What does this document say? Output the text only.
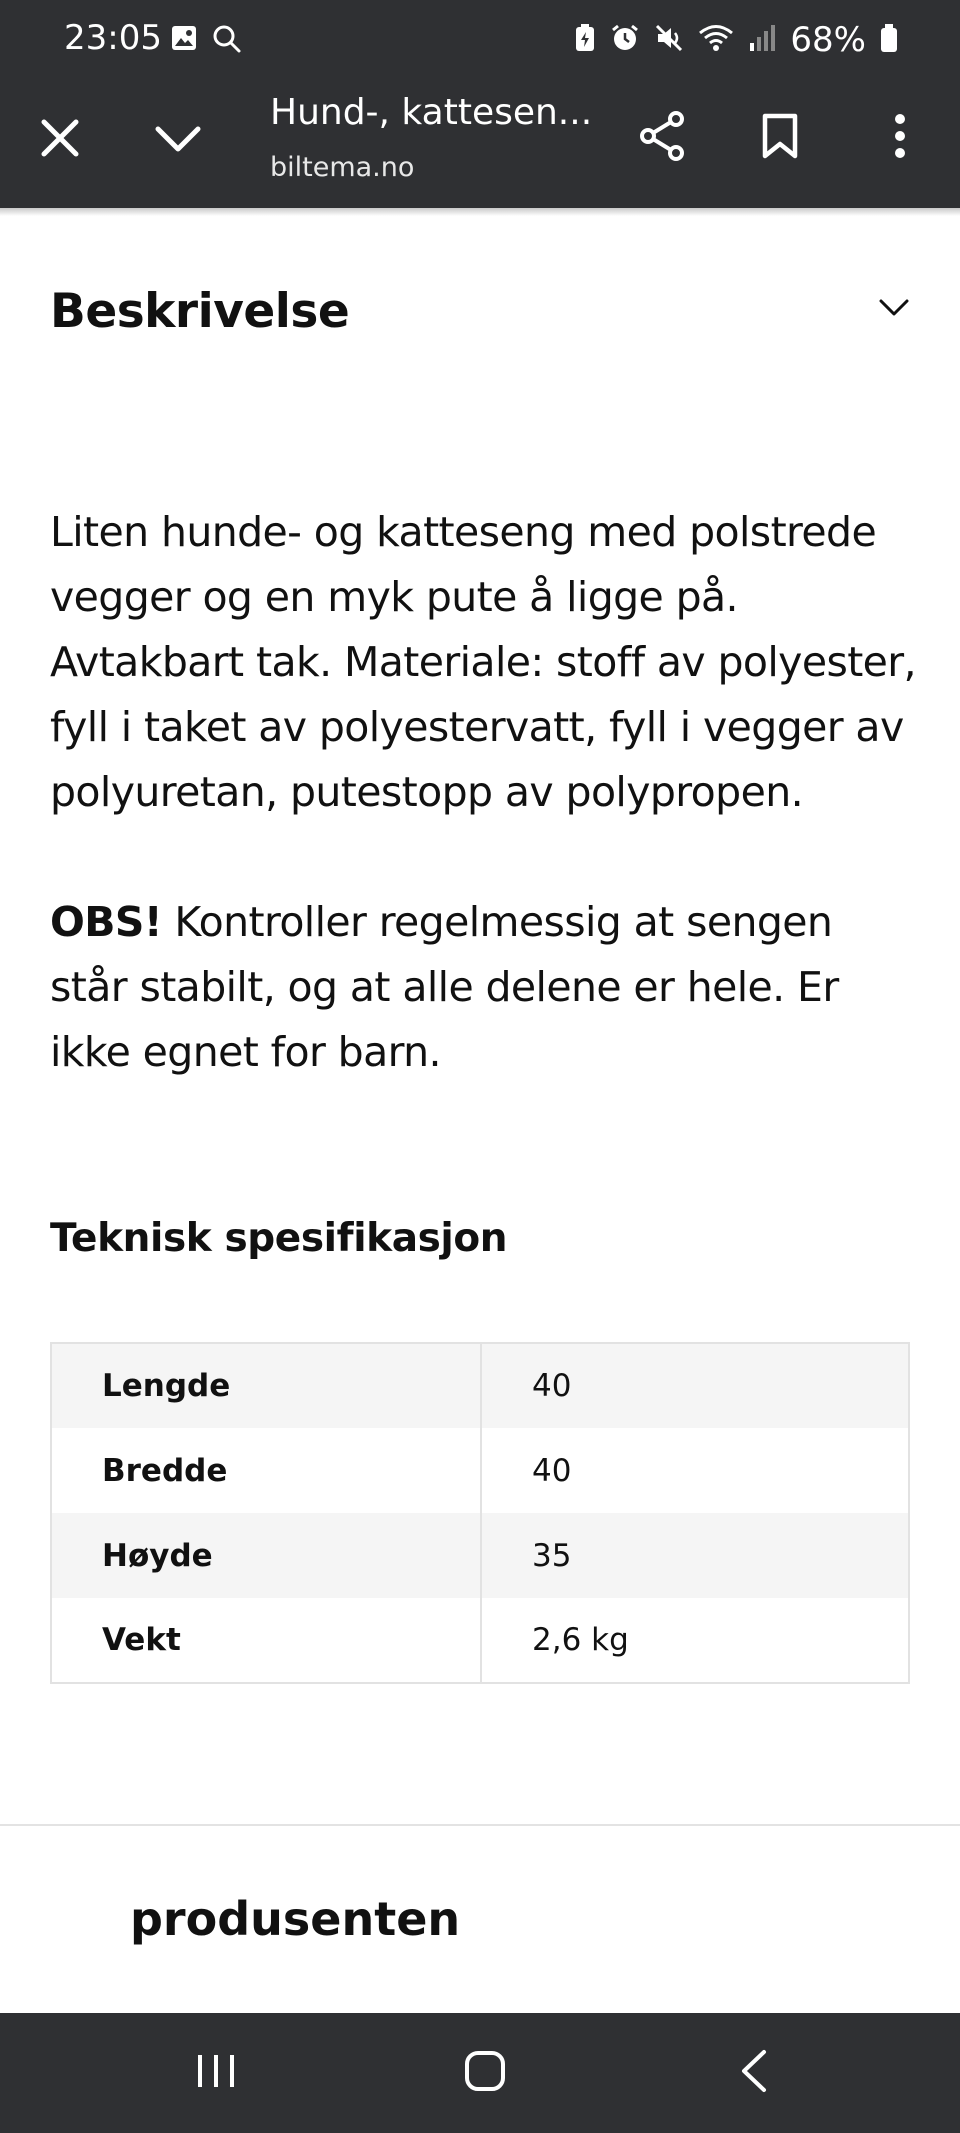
23:05	68%
Hund-, kattesen...
biltema.no
Beskrivelse

Liten hunde- og katteseng med polstrede vegger og en myk pute å ligge på. Avtakbart tak. Materiale: stoff av polyester, fyll i taket av polyestervatt, fyll i vegger av polyuretan, putestopp av polypropen.

OBS! Kontroller regelmessig at sengen står stabilt, og at alle delene er hele. Er ikke egnet for barn.

Teknisk spesifikasjon
Lengde	40
Bredde	40
Høyde	35
Vekt	2,6 kg
produsenten
